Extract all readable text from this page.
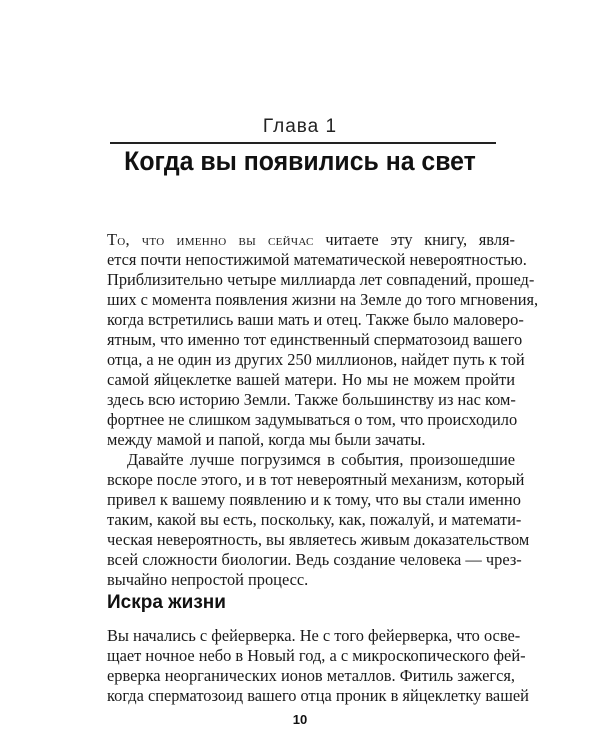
Глава 1
Когда вы появились на свет
То, что именно вы сейчас читаете эту книгу, явля-
ется почти непостижимой математической невероятностью.
Приблизительно четыре миллиарда лет совпадений, прошед-
ших с момента появления жизни на Земле до того мгновения,
когда встретились ваши мать и отец. Также было маловеро-
ятным, что именно тот единственный сперматозоид вашего
отца, а не один из других 250 миллионов, найдет путь к той
самой яйцеклетке вашей матери. Но мы не можем пройти
здесь всю историю Земли. Также большинству из нас ком-
фортнее не слишком задумываться о том, что происходило
между мамой и папой, когда мы были зачаты.
Давайте лучше погрузимся в события, произошедшие
вскоре после этого, и в тот невероятный механизм, который
привел к вашему появлению и к тому, что вы стали именно
таким, какой вы есть, поскольку, как, пожалуй, и математи-
ческая невероятность, вы являетесь живым доказательством
всей сложности биологии. Ведь создание человека — чрез-
вычайно непростой процесс.
Искра жизни
Вы начались с фейерверка. Не с того фейерверка, что осве-
щает ночное небо в Новый год, а с микроскопического фей-
ерверка неорганических ионов металлов. Фитиль зажегся,
когда сперматозоид вашего отца проник в яйцеклетку вашей
10
